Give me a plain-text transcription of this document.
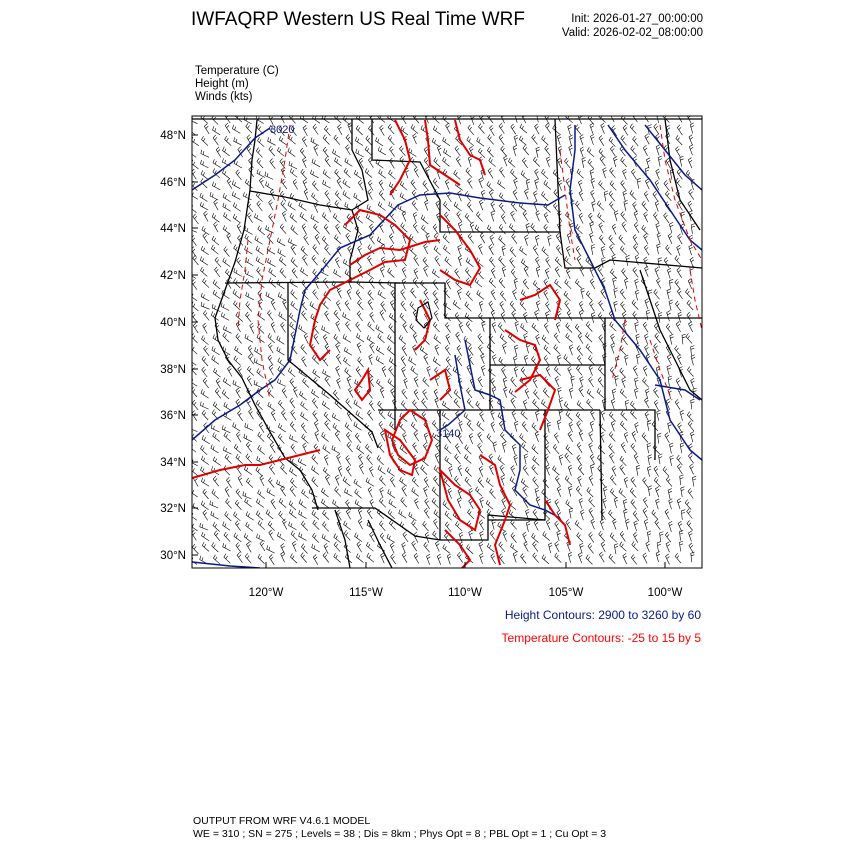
IWFAQRP Western US Real Time WRF	Init: 2026-01-27_00:00:00
Valid: 2026-02-02_08:00:00
Temperature (C)
Height (m)
Winds (kts)
48°N
46°N
44°N
42°N
40°N
38°N
36°N
34°N
32°N
30°N
120°W	115°W	110°W	105°W	100°W
3020
3140
Height Contours: 2900 to 3260 by 60
Temperature Contours: -25 to 15 by 5
OUTPUT FROM WRF V4.6.1 MODEL
WE = 310 ; SN = 275 ; Levels = 38 ; Dis = 8km ; Phys Opt = 8 ; PBL Opt = 1 ; Cu Opt = 3
